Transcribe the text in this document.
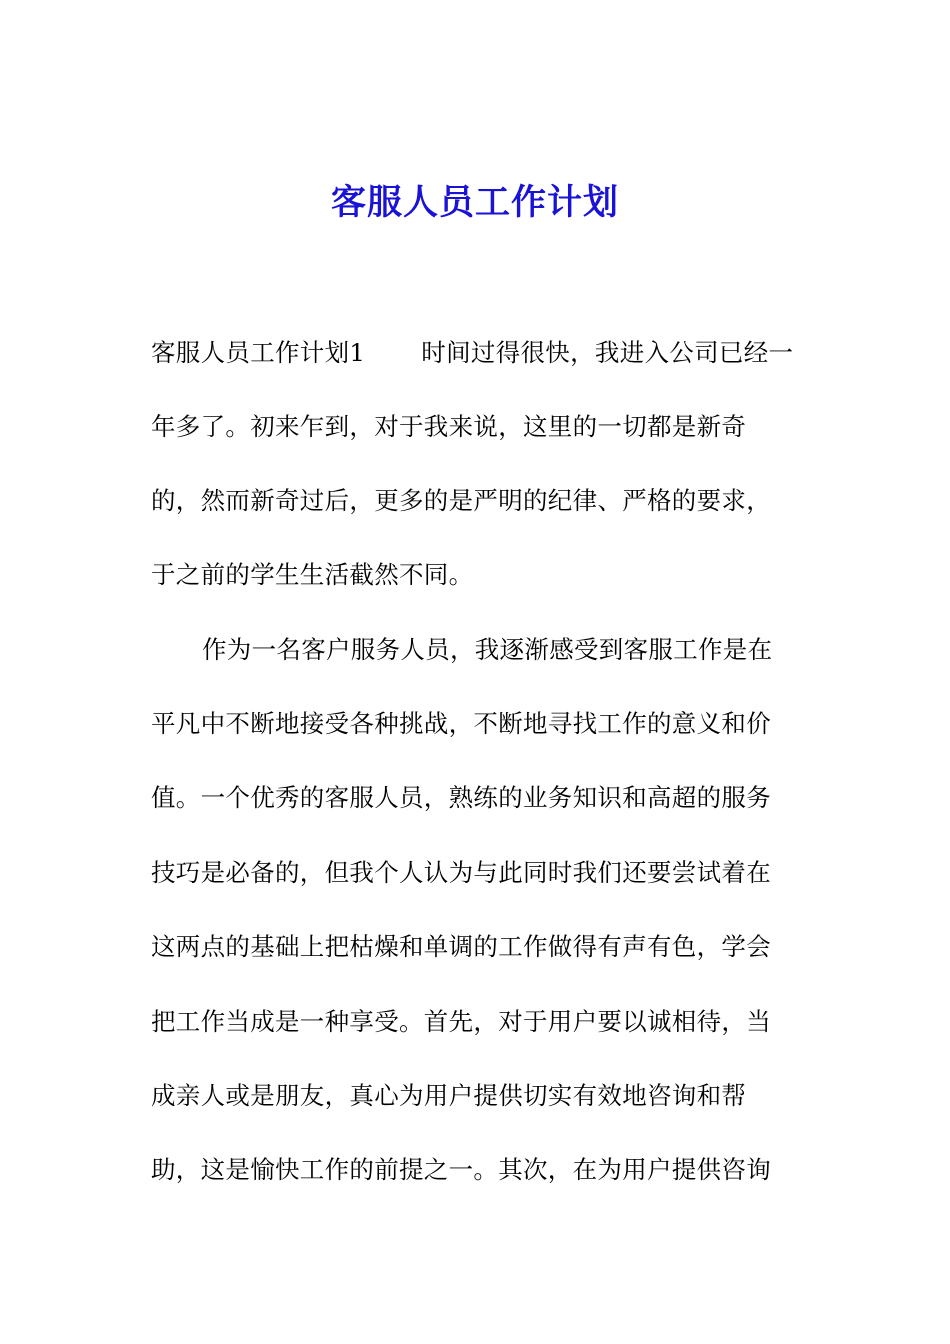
客服人员工作计划
客服人员工作计划1 时间过得很快，我进入公司已经一
年多了。初来乍到，对于我来说，这里的一切都是新奇
的，然而新奇过后，更多的是严明的纪律、严格的要求，
于之前的学生生活截然不同。
作为一名客户服务人员，我逐渐感受到客服工作是在
平凡中不断地接受各种挑战，不断地寻找工作的意义和价
值。一个优秀的客服人员，熟练的业务知识和高超的服务
技巧是必备的，但我个人认为与此同时我们还要尝试着在
这两点的基础上把枯燥和单调的工作做得有声有色，学会
把工作当成是一种享受。首先，对于用户要以诚相待，当
成亲人或是朋友，真心为用户提供切实有效地咨询和帮
助，这是愉快工作的前提之一。其次，在为用户提供咨询
